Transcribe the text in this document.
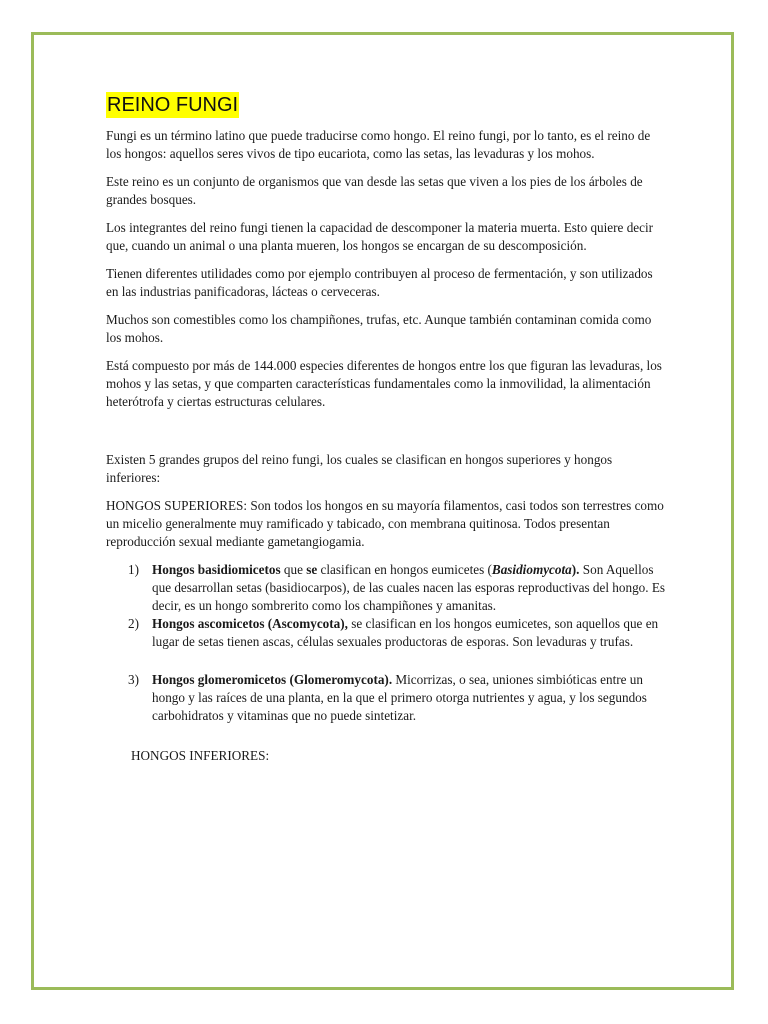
REINO FUNGI

Fungi es un término latino que puede traducirse como hongo. El reino fungi, por lo tanto, es el reino de los hongos: aquellos seres vivos de tipo eucariota, como las setas, las levaduras y los mohos.

Este reino es un conjunto de organismos que van desde las setas que viven a los pies de los árboles de grandes bosques.

Los integrantes del reino fungi tienen la capacidad de descomponer la materia muerta. Esto quiere decir que, cuando un animal o una planta mueren, los hongos se encargan de su descomposición.

Tienen diferentes utilidades como por ejemplo contribuyen al proceso de fermentación, y son utilizados en las industrias panificadoras, lácteas o cerveceras.

Muchos son comestibles como los champiñones, trufas, etc. Aunque también contaminan comida como los mohos.

Está compuesto por más de 144.000 especies diferentes de hongos entre los que figuran las levaduras, los mohos y las setas, y que comparten características fundamentales como la inmovilidad, la alimentación heterótrofa y ciertas estructuras celulares.

Existen 5 grandes grupos del reino fungi, los cuales se clasifican en hongos superiores y hongos inferiores:

HONGOS SUPERIORES: Son todos los hongos en su mayoría filamentos, casi todos son terrestres como un micelio generalmente muy ramificado y tabicado, con membrana quitinosa. Todos presentan reproducción sexual mediante gametangiogamia.

1) Hongos basidiomicetos que se clasifican en hongos eumicetes (Basidiomycota). Son Aquellos que desarrollan setas (basidiocarpos), de las cuales nacen las esporas reproductivas del hongo. Es decir, es un hongo sombrerito como los champiñones y amanitas.
2) Hongos ascomicetos (Ascomycota), se clasifican en los hongos eumicetes, son aquellos que en lugar de setas tienen ascas, células sexuales productoras de esporas. Son levaduras y trufas.
3) Hongos glomeromicetos (Glomeromycota). Micorrizas, o sea, uniones simbióticas entre un hongo y las raíces de una planta, en la que el primero otorga nutrientes y agua, y los segundos carbohidratos y vitaminas que no puede sintetizar.
HONGOS INFERIORES:
